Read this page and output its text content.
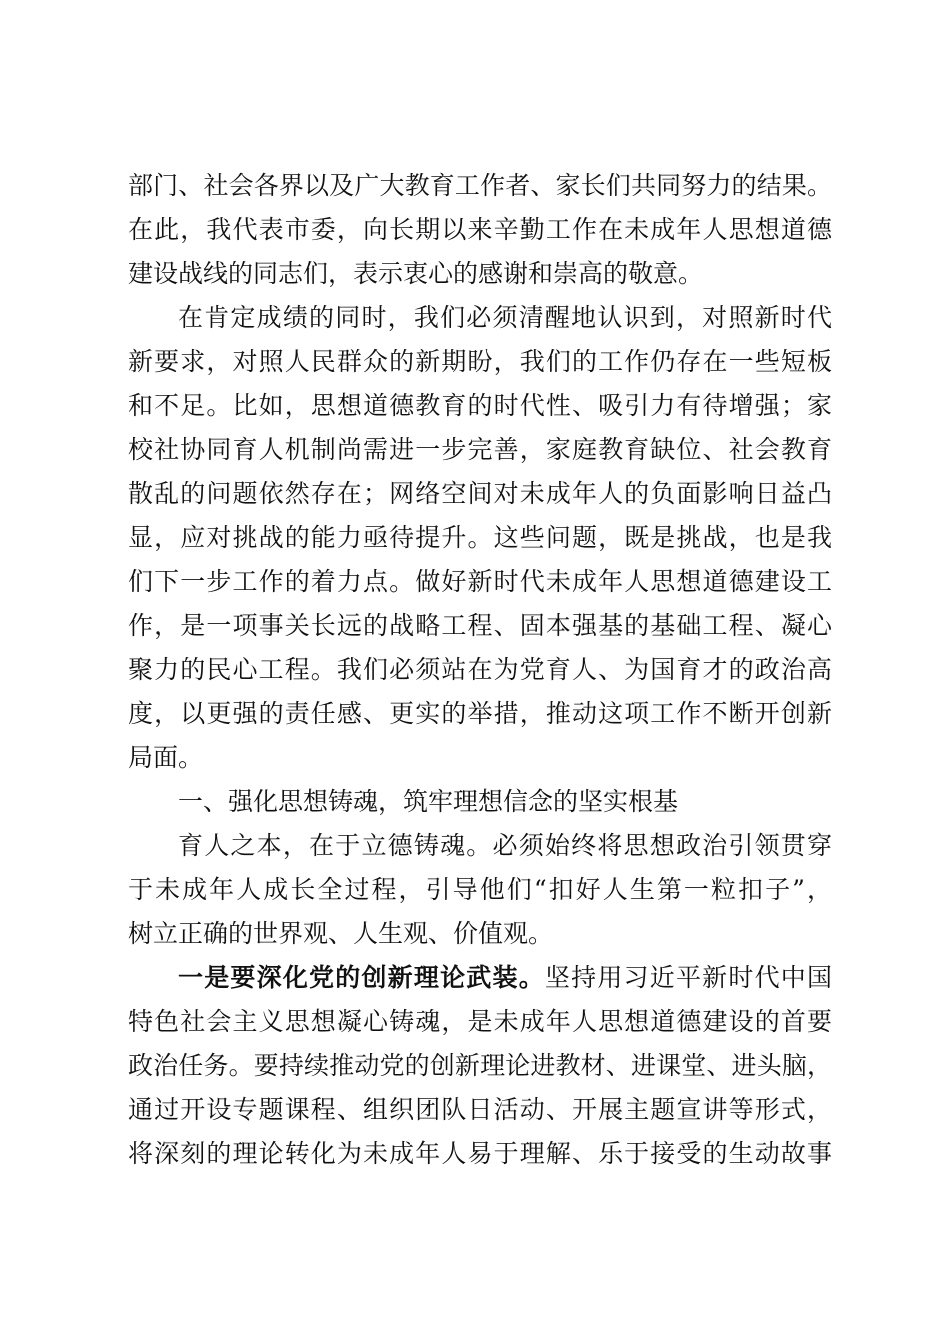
部门、社会各界以及广大教育工作者、家长们共同努力的结果。
在此，我代表市委，向长期以来辛勤工作在未成年人思想道德
建设战线的同志们，表示衷心的感谢和崇高的敬意。
在肯定成绩的同时，我们必须清醒地认识到，对照新时代
新要求，对照人民群众的新期盼，我们的工作仍存在一些短板
和不足。比如，思想道德教育的时代性、吸引力有待增强；家
校社协同育人机制尚需进一步完善，家庭教育缺位、社会教育
散乱的问题依然存在；网络空间对未成年人的负面影响日益凸
显，应对挑战的能力亟待提升。这些问题，既是挑战，也是我
们下一步工作的着力点。做好新时代未成年人思想道德建设工
作，是一项事关长远的战略工程、固本强基的基础工程、凝心
聚力的民心工程。我们必须站在为党育人、为国育才的政治高
度，以更强的责任感、更实的举措，推动这项工作不断开创新
局面。
一、强化思想铸魂，筑牢理想信念的坚实根基
育人之本，在于立德铸魂。必须始终将思想政治引领贯穿
于未成年人成长全过程，引导他们“扣好人生第一粒扣子”，
树立正确的世界观、人生观、价值观。
一是要深化党的创新理论武装。坚持用习近平新时代中国
特色社会主义思想凝心铸魂，是未成年人思想道德建设的首要
政治任务。要持续推动党的创新理论进教材、进课堂、进头脑，
通过开设专题课程、组织团队日活动、开展主题宣讲等形式，
将深刻的理论转化为未成年人易于理解、乐于接受的生动故事
